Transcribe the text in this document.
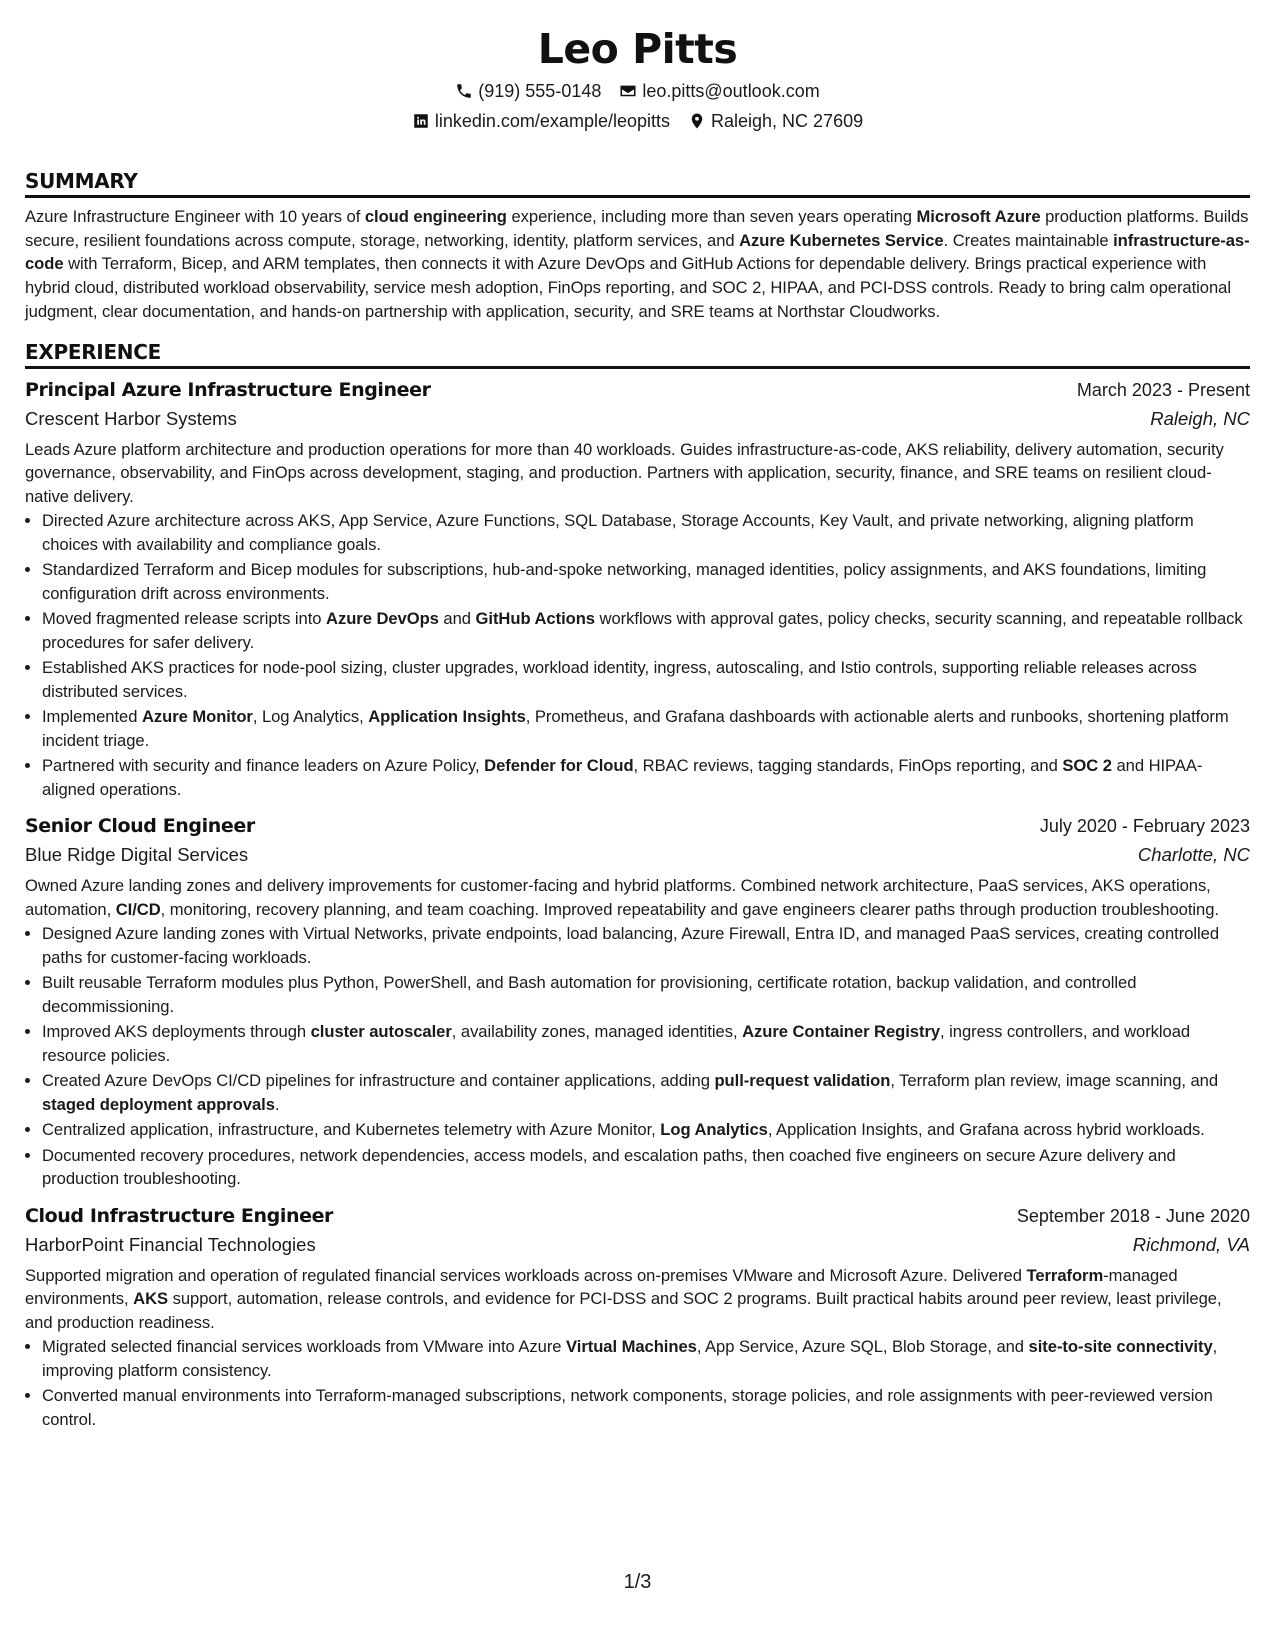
Leo Pitts
(919) 555-0148 leo.pitts@outlook.com
linkedin.com/example/leopitts Raleigh, NC 27609
SUMMARY

Azure Infrastructure Engineer with 10 years of cloud engineering experience, including more than seven years operating Microsoft Azure production platforms. Builds secure, resilient foundations across compute, storage, networking, identity, platform services, and Azure Kubernetes Service. Creates maintainable infrastructure-as-code with Terraform, Bicep, and ARM templates, then connects it with Azure DevOps and GitHub Actions for dependable delivery. Brings practical experience with hybrid cloud, distributed workload observability, service mesh adoption, FinOps reporting, and SOC 2, HIPAA, and PCI-DSS controls. Ready to bring calm operational judgment, clear documentation, and hands-on partnership with application, security, and SRE teams at Northstar Cloudworks.

EXPERIENCE
Principal Azure Infrastructure Engineer	March 2023 - Present
Crescent Harbor Systems	Raleigh, NC
Leads Azure platform architecture and production operations for more than 40 workloads. Guides infrastructure-as-code, AKS reliability, delivery automation, security governance, observability, and FinOps across development, staging, and production. Partners with application, security, finance, and SRE teams on resilient cloud-native delivery.
• Directed Azure architecture across AKS, App Service, Azure Functions, SQL Database, Storage Accounts, Key Vault, and private networking, aligning platform choices with availability and compliance goals.
• Standardized Terraform and Bicep modules for subscriptions, hub-and-spoke networking, managed identities, policy assignments, and AKS foundations, limiting configuration drift across environments.
• Moved fragmented release scripts into Azure DevOps and GitHub Actions workflows with approval gates, policy checks, security scanning, and repeatable rollback procedures for safer delivery.
• Established AKS practices for node-pool sizing, cluster upgrades, workload identity, ingress, autoscaling, and Istio controls, supporting reliable releases across distributed services.
• Implemented Azure Monitor, Log Analytics, Application Insights, Prometheus, and Grafana dashboards with actionable alerts and runbooks, shortening platform incident triage.
• Partnered with security and finance leaders on Azure Policy, Defender for Cloud, RBAC reviews, tagging standards, FinOps reporting, and SOC 2 and HIPAA-aligned operations.
Senior Cloud Engineer	July 2020 - February 2023
Blue Ridge Digital Services	Charlotte, NC
Owned Azure landing zones and delivery improvements for customer-facing and hybrid platforms. Combined network architecture, PaaS services, AKS operations, automation, CI/CD, monitoring, recovery planning, and team coaching. Improved repeatability and gave engineers clearer paths through production troubleshooting.
• Designed Azure landing zones with Virtual Networks, private endpoints, load balancing, Azure Firewall, Entra ID, and managed PaaS services, creating controlled paths for customer-facing workloads.
• Built reusable Terraform modules plus Python, PowerShell, and Bash automation for provisioning, certificate rotation, backup validation, and controlled decommissioning.
• Improved AKS deployments through cluster autoscaler, availability zones, managed identities, Azure Container Registry, ingress controllers, and workload resource policies.
• Created Azure DevOps CI/CD pipelines for infrastructure and container applications, adding pull-request validation, Terraform plan review, image scanning, and staged deployment approvals.
• Centralized application, infrastructure, and Kubernetes telemetry with Azure Monitor, Log Analytics, Application Insights, and Grafana across hybrid workloads.
• Documented recovery procedures, network dependencies, access models, and escalation paths, then coached five engineers on secure Azure delivery and production troubleshooting.
Cloud Infrastructure Engineer	September 2018 - June 2020
HarborPoint Financial Technologies	Richmond, VA
Supported migration and operation of regulated financial services workloads across on-premises VMware and Microsoft Azure. Delivered Terraform-managed environments, AKS support, automation, release controls, and evidence for PCI-DSS and SOC 2 programs. Built practical habits around peer review, least privilege, and production readiness.
• Migrated selected financial services workloads from VMware into Azure Virtual Machines, App Service, Azure SQL, Blob Storage, and site-to-site connectivity, improving platform consistency.
• Converted manual environments into Terraform-managed subscriptions, network components, storage policies, and role assignments with peer-reviewed version control.
1/3
